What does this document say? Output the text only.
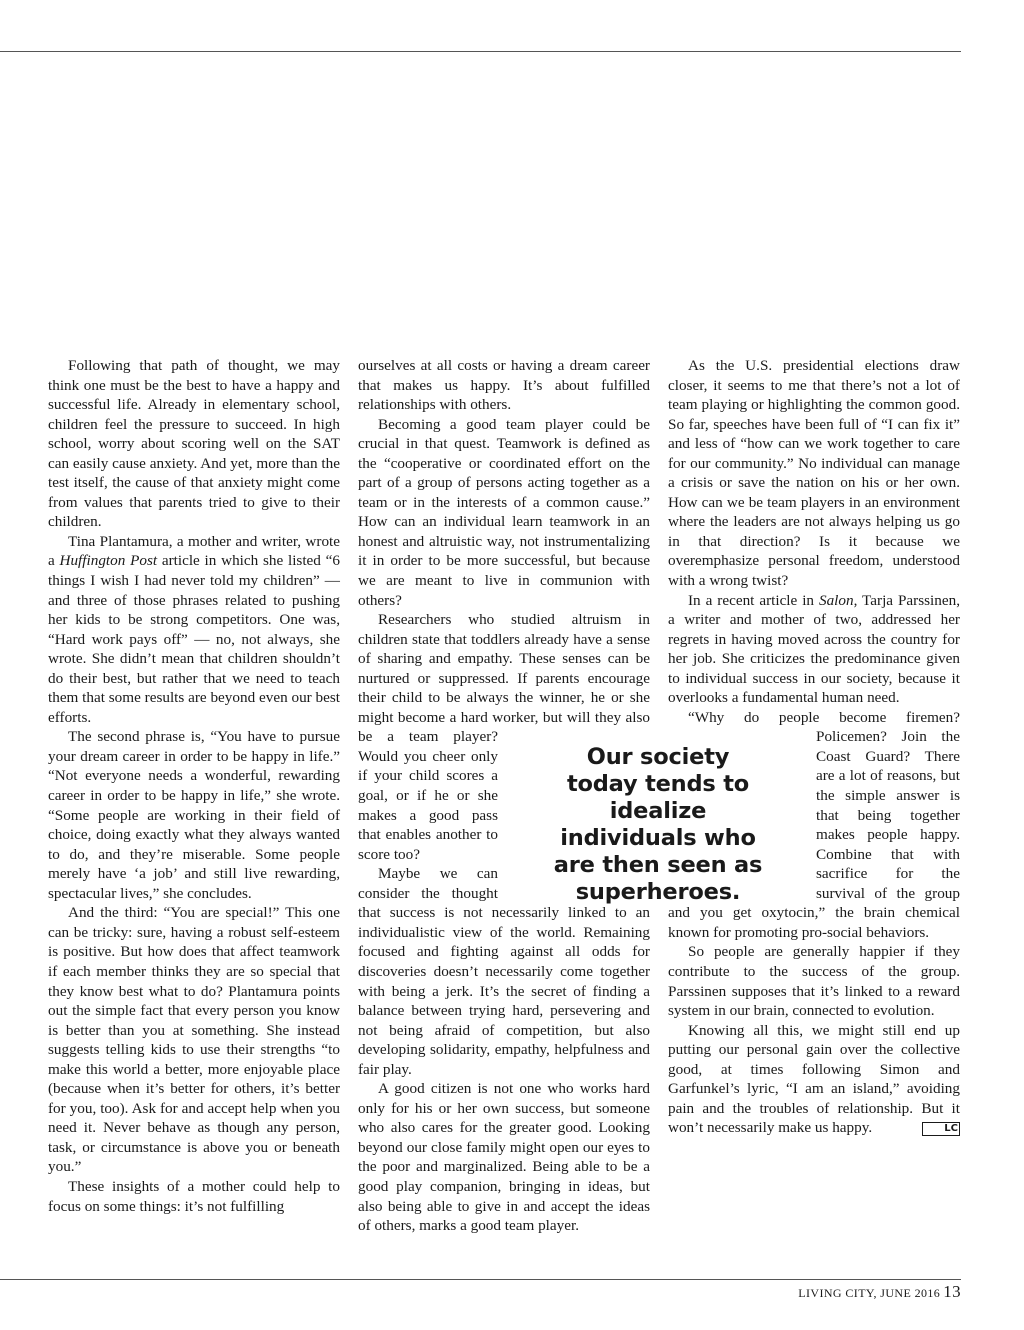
Following that path of thought, we may think one must be the best to have a happy and successful life. Already in elementary school, children feel the pressure to succeed. In high school, worry about scoring well on the SAT can easily cause anxiety. And yet, more than the test itself, the cause of that anxiety might come from values that parents tried to give to their children.

Tina Plantamura, a mother and writer, wrote a Huffington Post article in which she listed “6 things I wish I had never told my children” — and three of those phrases related to pushing her kids to be strong competitors. One was, “Hard work pays off” — no, not always, she wrote. She didn’t mean that children shouldn’t do their best, but rather that we need to teach them that some results are beyond even our best efforts.

The second phrase is, “You have to pursue your dream career in order to be happy in life.” “Not everyone needs a wonderful, rewarding career in order to be happy in life,” she wrote. “Some people are working in their field of choice, doing exactly what they always wanted to do, and they’re miserable. Some people merely have ‘a job’ and still live rewarding, spectacular lives,” she concludes.

And the third: “You are special!” This one can be tricky: sure, having a robust self-esteem is positive. But how does that affect teamwork if each member thinks they are so special that they know best what to do? Plantamura points out the simple fact that every person you know is better than you at something. She instead suggests telling kids to use their strengths “to make this world a better, more enjoyable place (because when it’s better for others, it’s better for you, too). Ask for and accept help when you need it. Never behave as though any person, task, or circumstance is above you or beneath you.”

These insights of a mother could help to focus on some things: it’s not fulfilling

ourselves at all costs or having a dream career that makes us happy. It’s about fulfilled relationships with others.

Becoming a good team player could be crucial in that quest. Teamwork is defined as the “cooperative or coordinated effort on the part of a group of persons acting together as a team or in the interests of a common cause.” How can an individual learn teamwork in an honest and altruistic way, not instrumentalizing it in order to be more successful, but because we are meant to live in communion with others?

Researchers who studied altruism in children state that toddlers already have a sense of sharing and empathy. These senses can be nurtured or suppressed. If parents encourage their child to be always the winner, he or she might become a hard worker, but will they also be a team player? Would you cheer only if your child scores a goal, or if he or she makes a good pass that enables another to score too?

Maybe we can consider the thought that success is not necessarily linked to an individualistic view of the world. Remaining focused and fighting against all odds for discoveries doesn’t necessarily come together with being a jerk. It’s the secret of finding a balance between trying hard, persevering and not being afraid of competition, but also developing solidarity, empathy, helpfulness and fair play.

A good citizen is not one who works hard only for his or her own success, but someone who also cares for the greater good. Looking beyond our close family might open our eyes to the poor and marginalized. Being able to be a good play companion, bringing in ideas, but also being able to give in and accept the ideas of others, marks a good team player.

As the U.S. presidential elections draw closer, it seems to me that there’s not a lot of team playing or highlighting the common good. So far, speeches have been full of “I can fix it” and less of “how can we work together to care for our community.” No individual can manage a crisis or save the nation on his or her own. How can we be team players in an environment where the leaders are not always helping us go in that direction? Is it because we overemphasize personal freedom, understood with a wrong twist?

In a recent article in Salon, Tarja Parssinen, a writer and mother of two, addressed her regrets in having moved across the country for her job. She criticizes the predominance given to individual success in our society, because it overlooks a fundamental human need.

“Why do people become firemen? Policemen? Join the Coast Guard? There are a lot of reasons, but the simple answer is that being together makes people happy. Combine that with sacrifice for the survival of the group and you get oxytocin,” the brain chemical known for promoting pro-social behaviors.

So people are generally happier if they contribute to the success of the group. Parssinen supposes that it’s linked to a reward system in our brain, connected to evolution.

Knowing all this, we might still end up putting our personal gain over the collective good, at times following Simon and Garfunkel’s lyric, “I am an island,” avoiding pain and the troubles of relationship. But it won’t necessarily make us happy.	LC

Our society today tends to idealize individuals who are then seen as superheroes.
LIVING CITY, JUNE 2016 13
